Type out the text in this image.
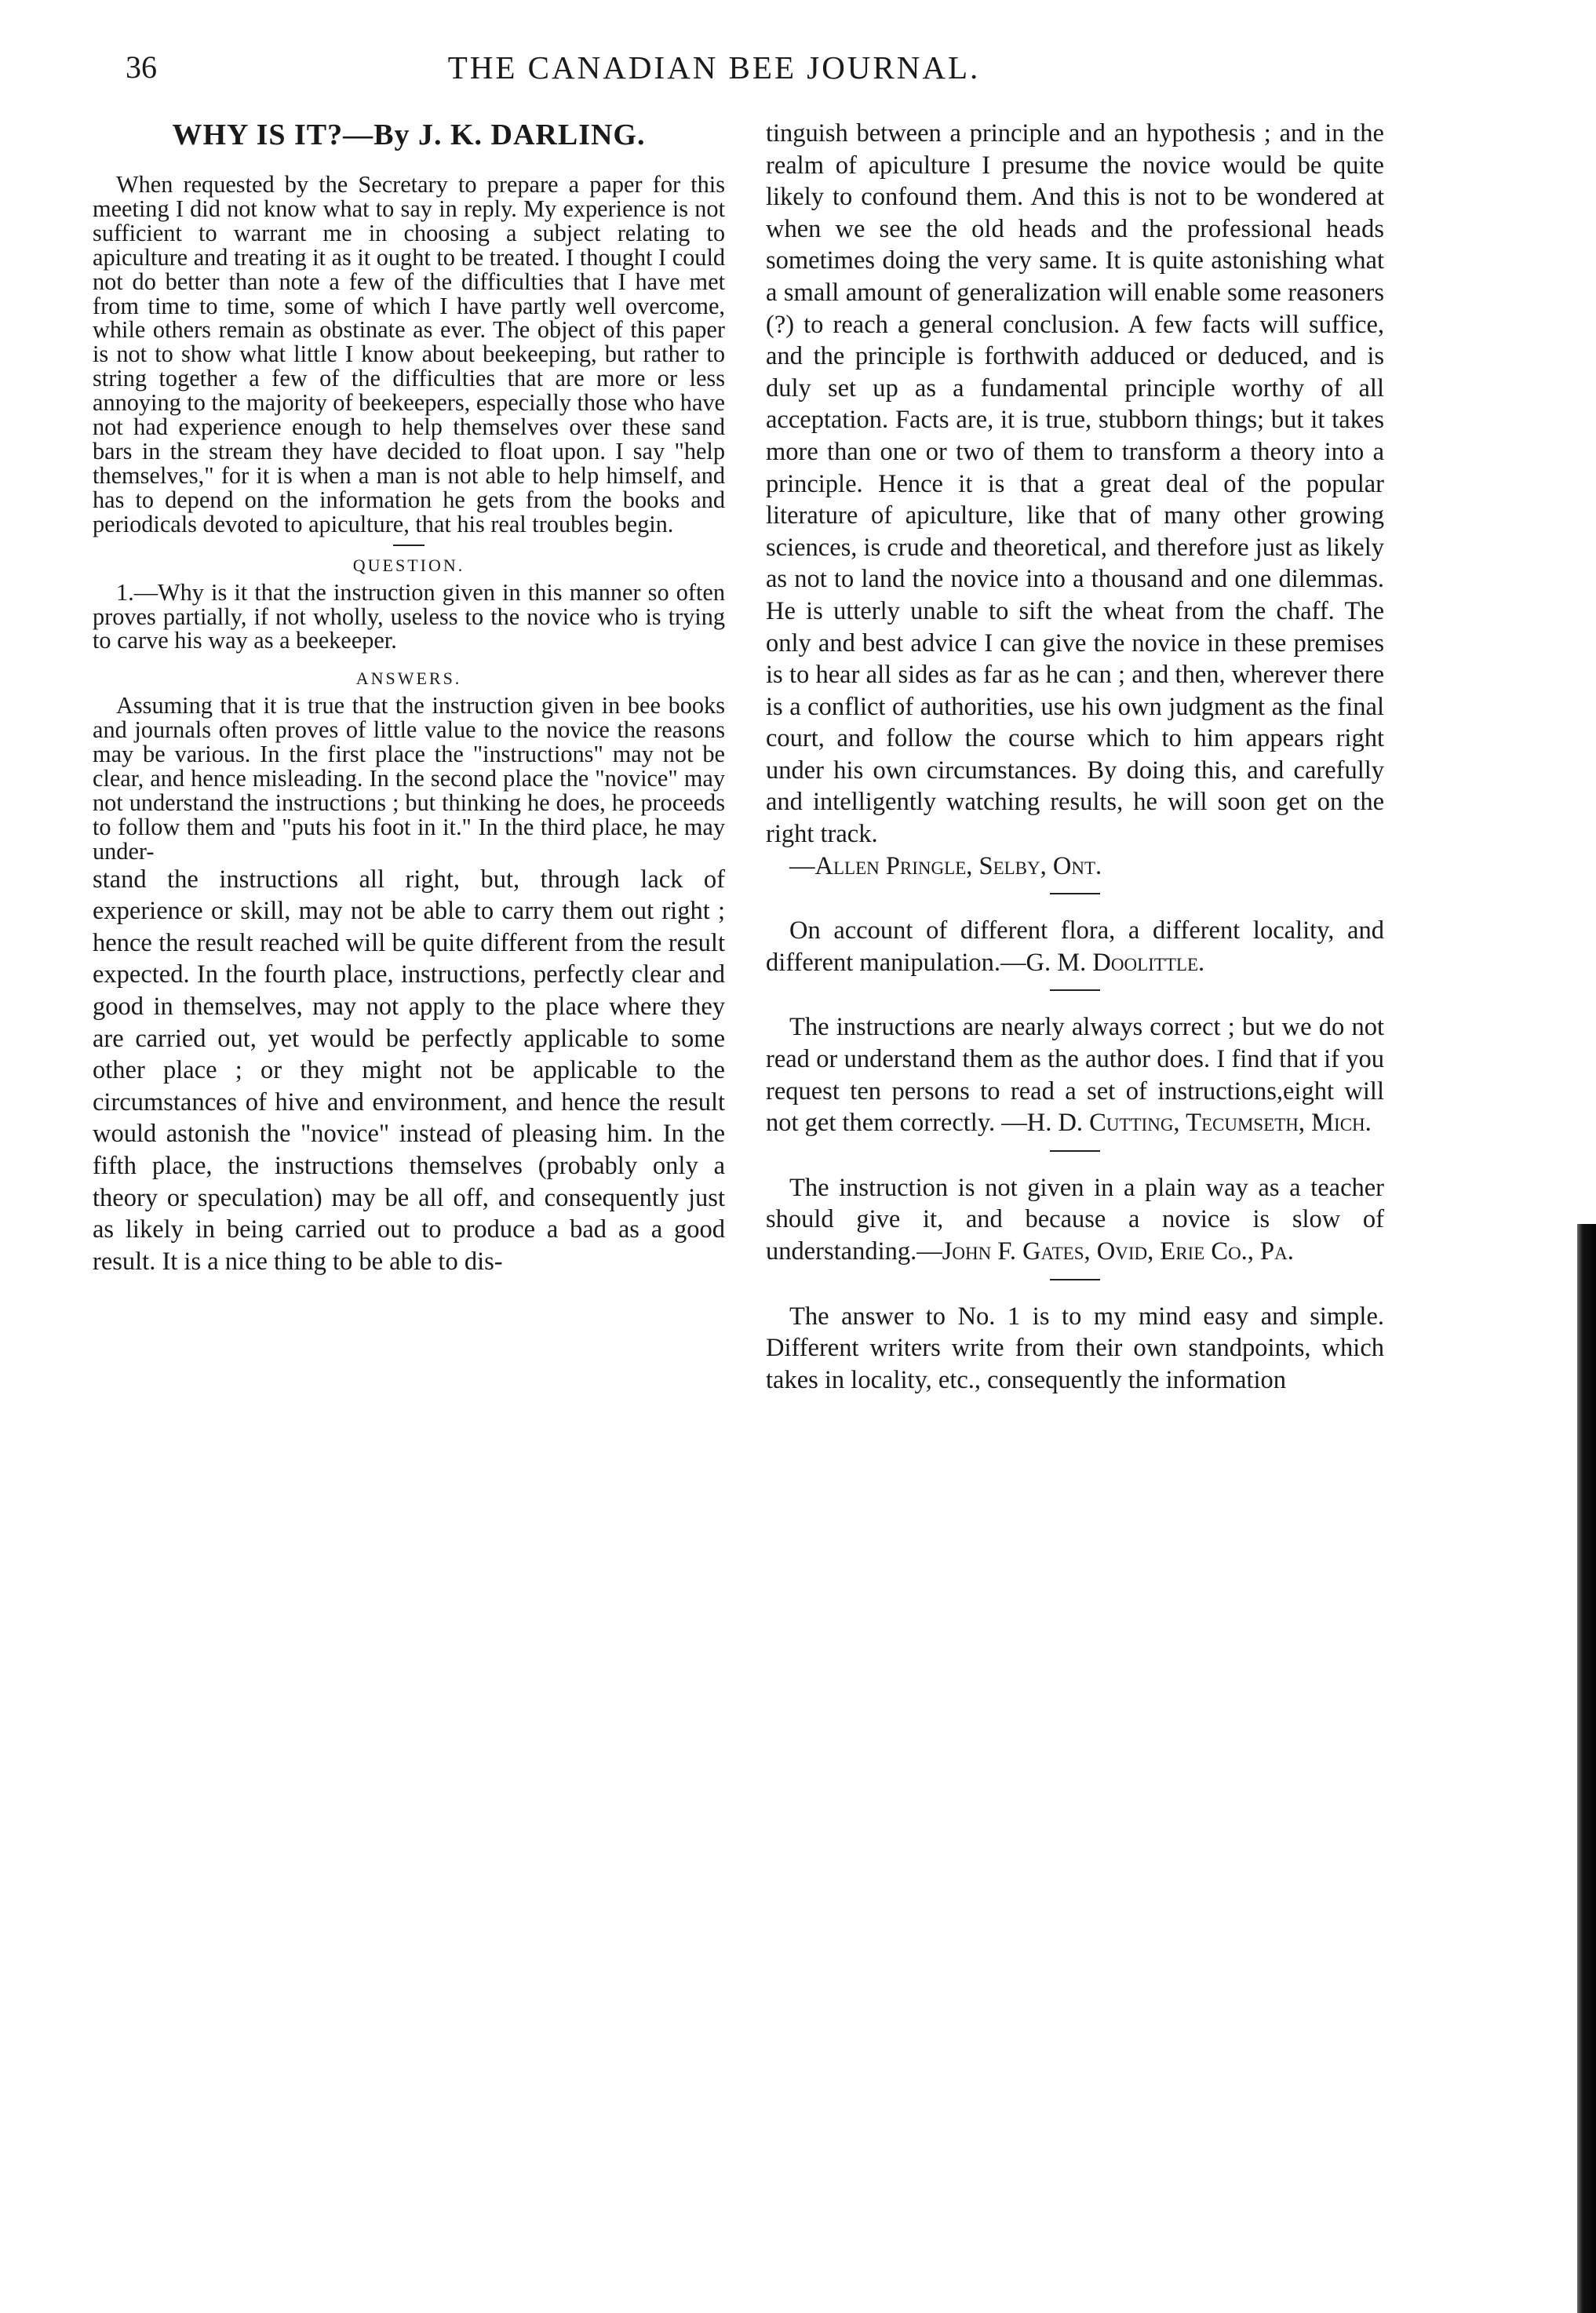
36	THE CANADIAN BEE JOURNAL.
WHY IS IT?—By J. K. DARLING.

When requested by the Secretary to prepare a paper for this meeting I did not know what to say in reply. My experience is not sufficient to warrant me in choosing a subject relating to apiculture and treating it as it ought to be treated. I thought I could not do better than note a few of the difficulties that I have met from time to time, some of which I have partly well overcome, while others remain as obstinate as ever. The object of this paper is not to show what little I know about beekeeping, but rather to string together a few of the difficulties that are more or less annoying to the majority of beekeepers, especially those who have not had experience enough to help themselves over these sand bars in the stream they have decided to float upon. I say "help themselves," for it is when a man is not able to help himself, and has to depend on the information he gets from the books and periodicals devoted to apiculture, that his real troubles begin.

QUESTION.

1.—Why is it that the instruction given in this manner so often proves partially, if not wholly, useless to the novice who is trying to carve his way as a beekeeper.

ANSWERS.

Assuming that it is true that the instruction given in bee books and journals often proves of little value to the novice the reasons may be various. In the first place the "instructions" may not be clear, and hence misleading. In the second place the "novice" may not understand the instructions ; but thinking he does, he proceeds to follow them and "puts his foot in it." In the third place, he may under-

stand the instructions all right, but, through lack of experience or skill, may not be able to carry them out right ; hence the result reached will be quite different from the result expected. In the fourth place, instructions, perfectly clear and good in themselves, may not apply to the place where they are carried out, yet would be perfectly applicable to some other place ; or they might not be applicable to the circumstances of hive and environment, and hence the result would astonish the "novice" instead of pleasing him. In the fifth place, the instructions themselves (probably only a theory or speculation) may be all off, and consequently just as likely in being carried out to produce a bad as a good result. It is a nice thing to be able to dis-

tinguish between a principle and an hypothesis ; and in the realm of apiculture I presume the novice would be quite likely to confound them. And this is not to be wondered at when we see the old heads and the professional heads sometimes doing the very same. It is quite astonishing what a small amount of generalization will enable some reasoners (?) to reach a general conclusion. A few facts will suffice, and the principle is forthwith adduced or deduced, and is duly set up as a fundamental principle worthy of all acceptation. Facts are, it is true, stubborn things; but it takes more than one or two of them to transform a theory into a principle. Hence it is that a great deal of the popular literature of apiculture, like that of many other growing sciences, is crude and theoretical, and therefore just as likely as not to land the novice into a thousand and one dilemmas. He is utterly unable to sift the wheat from the chaff. The only and best advice I can give the novice in these premises is to hear all sides as far as he can ; and then, wherever there is a conflict of authorities, use his own judgment as the final court, and follow the course which to him appears right under his own circumstances. By doing this, and carefully and intelligently watching results, he will soon get on the right track.

—Allen Pringle, Selby, Ont.

On account of different flora, a different locality, and different manipulation.—G. M. Doolittle.

The instructions are nearly always correct ; but we do not read or understand them as the author does. I find that if you request ten persons to read a set of instructions,eight will not get them correctly. —H. D. Cutting, Tecumseth, Mich.

The instruction is not given in a plain way as a teacher should give it, and because a novice is slow of understanding.—John F. Gates, Ovid, Erie Co., Pa.

The answer to No. 1 is to my mind easy and simple. Different writers write from their own standpoints, which takes in locality, etc., consequently the information
